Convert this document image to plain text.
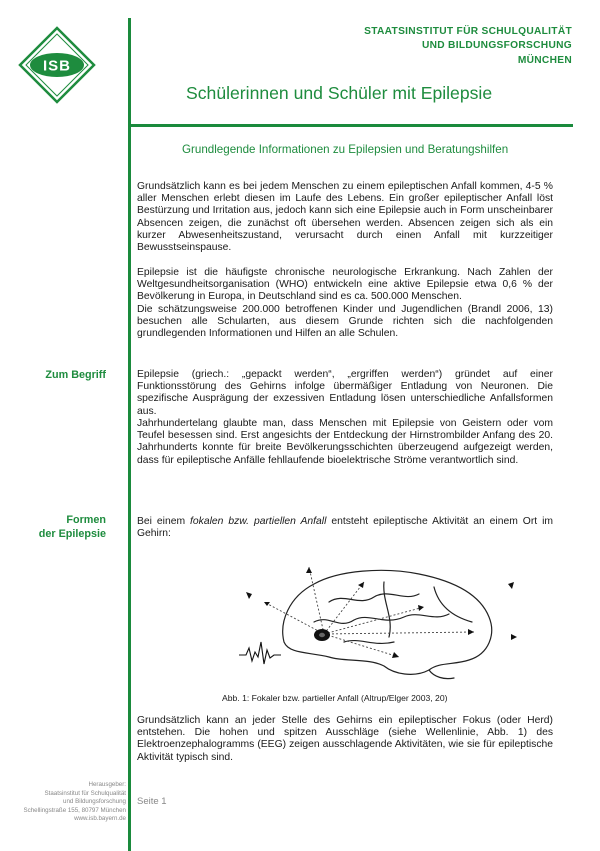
ISB
STAATSINSTITUT FÜR SCHULQUALITÄT
UND BILDUNGSFORSCHUNG
MÜNCHEN
Schülerinnen und Schüler mit Epilepsie
Grundlegende Informationen zu Epilepsien und Beratungshilfen

Grundsätzlich kann es bei jedem Menschen zu einem epileptischen Anfall kommen, 4-5 % aller Menschen erlebt diesen im Laufe des Lebens. Ein großer epileptischer Anfall löst Bestürzung und Irritation aus, jedoch kann sich eine Epilepsie auch in Form unscheinbarer Absencen zeigen, die zunächst oft übersehen werden. Absencen zeigen sich als ein kurzer Abwesenheitszustand, verursacht durch einen Anfall mit kurzzeitiger Bewusstseinspause.

Epilepsie ist die häufigste chronische neurologische Erkrankung. Nach Zahlen der Weltgesundheitsorganisation (WHO) entwickeln eine aktive Epilepsie etwa 0,6 % der Bevölkerung in Europa, in Deutschland sind es ca. 500.000 Menschen.

Die schätzungsweise 200.000 betroffenen Kinder und Jugendlichen (Brandl 2006, 13) besuchen alle Schularten, aus diesem Grunde richten sich die nachfolgenden grundlegenden Informationen und Hilfen an alle Schulen.

Zum Begriff	Epilepsie (griech.: „gepackt werden“, „ergriffen werden“) gründet auf einer Funktionsstörung des Gehirns infolge übermäßiger Entladung von Neuronen. Die spezifische Ausprägung der exzessiven Entladung lösen unterschiedliche Anfallsformen aus.

Jahrhundertelang glaubte man, dass Menschen mit Epilepsie von Geistern oder vom Teufel besessen sind. Erst angesichts der Entdeckung der Hirnstrombilder Anfang des 20. Jahrhunderts konnte für breite Bevölkerungsschichten überzeugend aufgezeigt werden, dass für epileptische Anfälle fehllaufende bioelektrische Ströme verantwortlich sind.

Formen
der Epilepsie

Bei einem fokalen bzw. partiellen Anfall entsteht epileptische Aktivität an einem Ort im Gehirn:

Abb. 1: Fokaler bzw. partieller Anfall (Altrup/Elger 2003, 20)

Grundsätzlich kann an jeder Stelle des Gehirns ein epileptischer Fokus (oder Herd) entstehen. Die hohen und spitzen Ausschläge (siehe Wellenlinie, Abb. 1) des Elektroenzephalogramms (EEG) zeigen ausschlagende Aktivitäten, wie sie für epileptische Aktivität typisch sind.

Herausgeber:
Staatsinstitut für Schulqualität
und Bildungsforschung
Schellingstraße 155, 80797 München
www.isb.bayern.de
Seite 1
